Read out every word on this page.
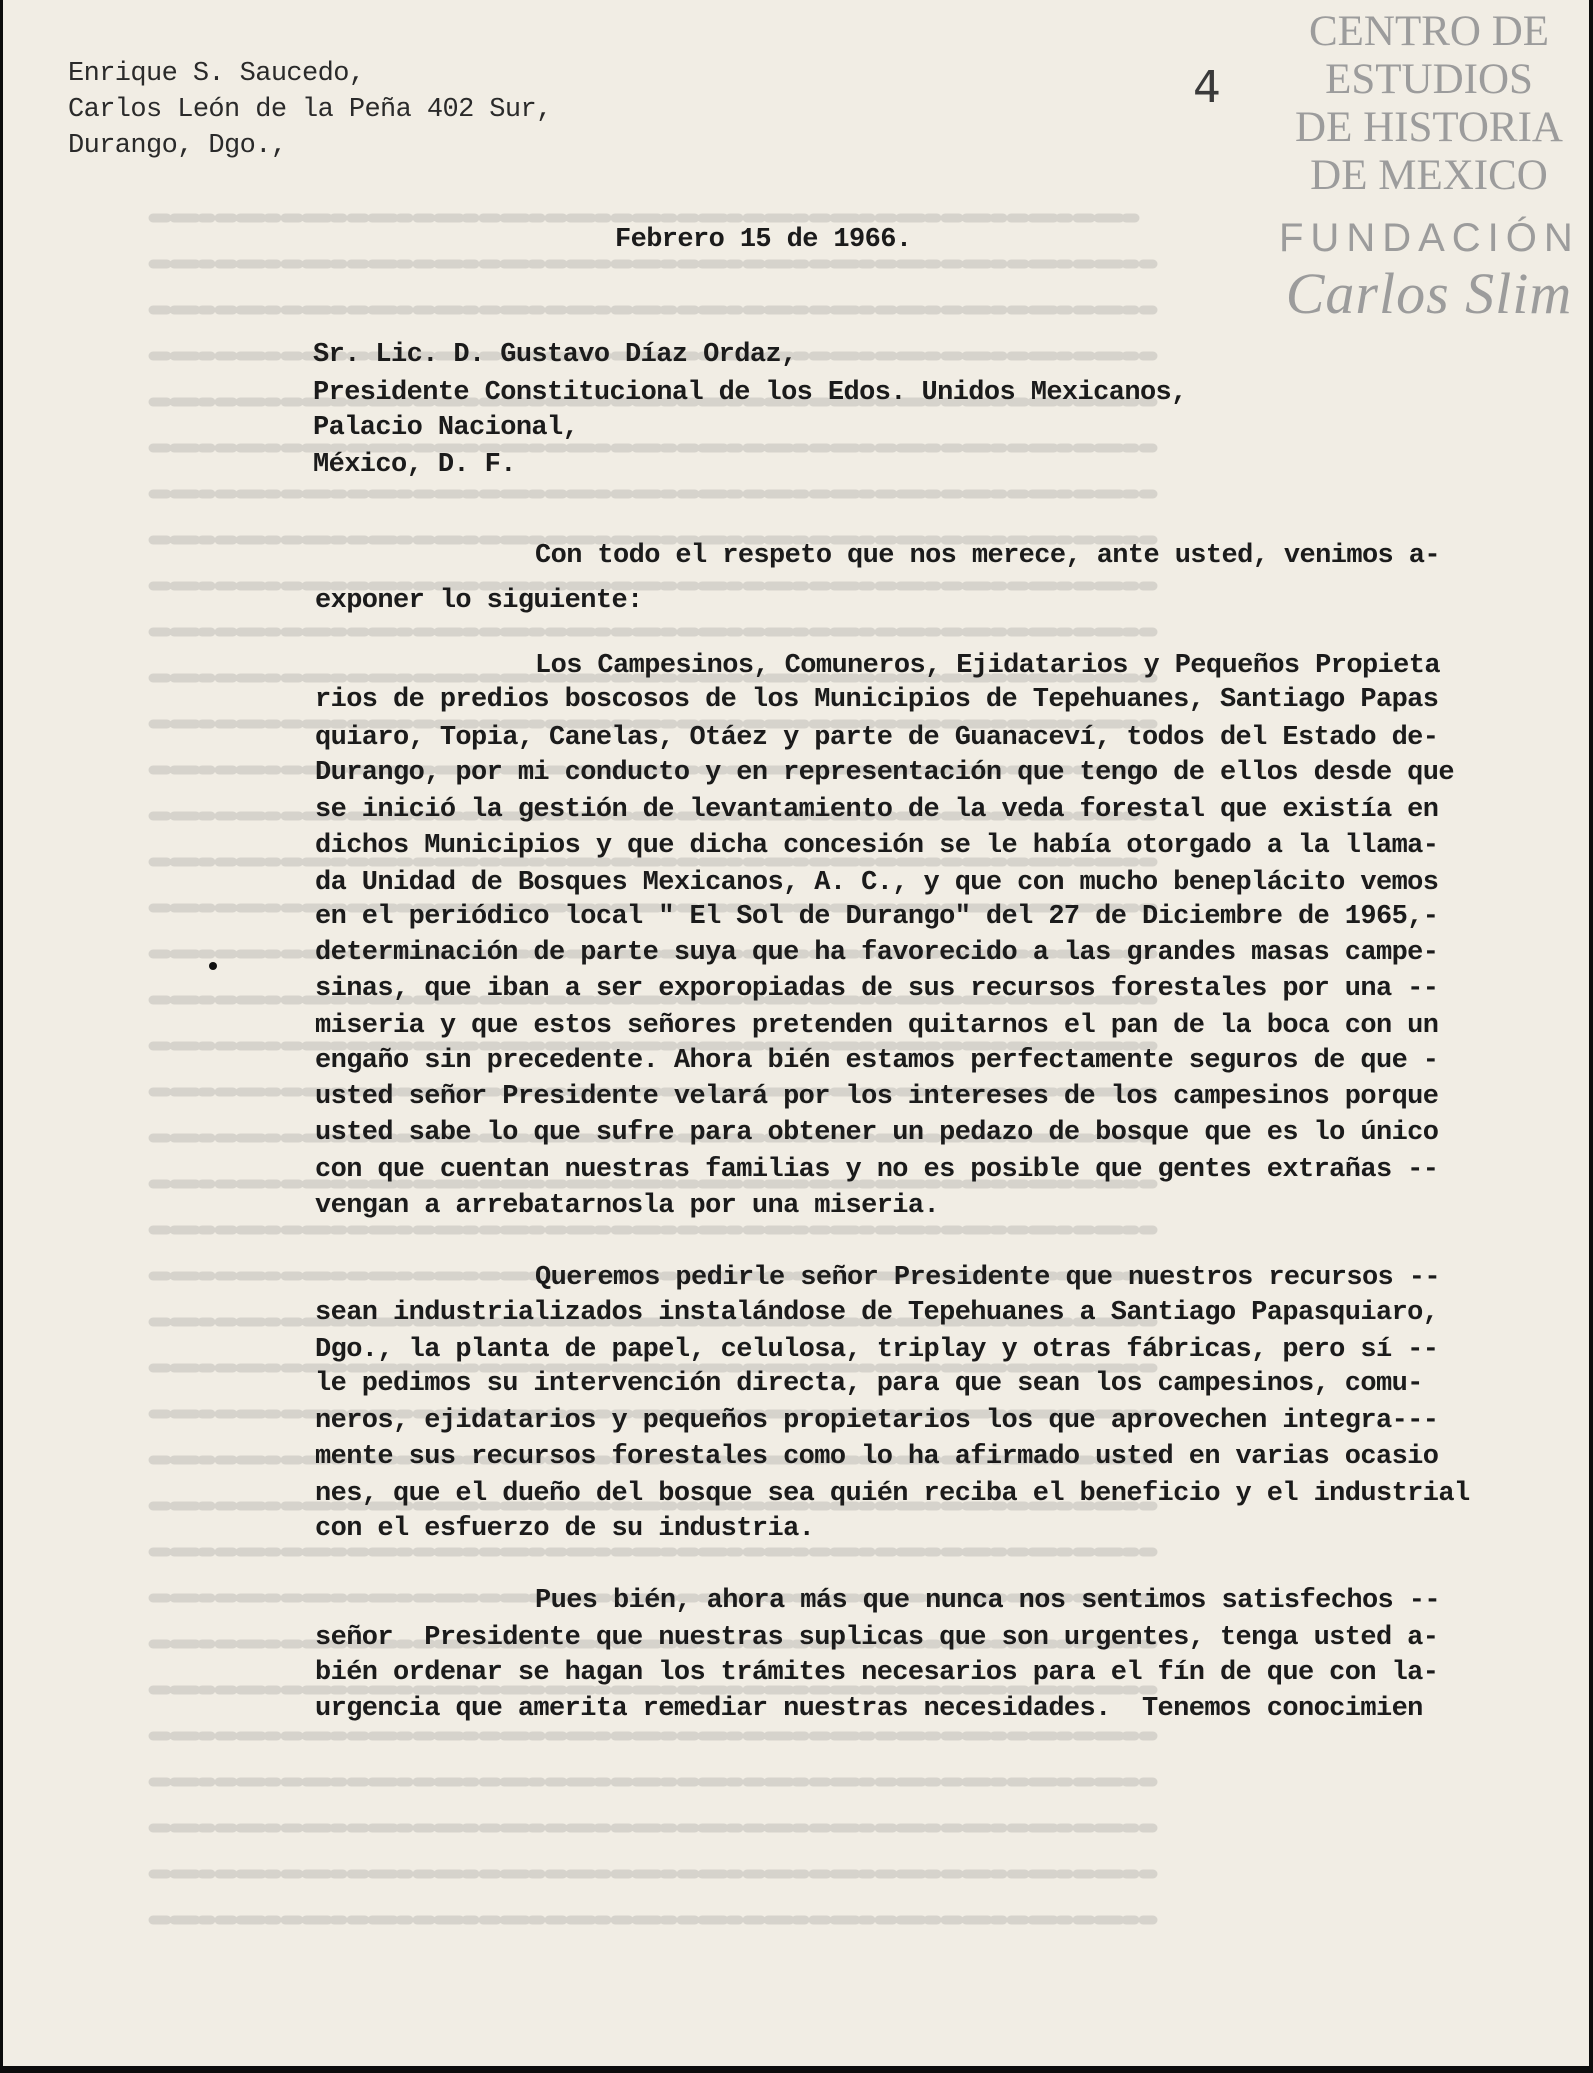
CENTRO DE
ESTUDIOS
DE HISTORIA
DE MEXICO
FUNDACIÓN
Carlos Slim
4

Enrique S. Saucedo,

Carlos León de la Peña 402 Sur,

Durango, Dgo.,

Febrero 15 de 1966.

Sr. Lic. D. Gustavo Díaz Ordaz,

Presidente Constitucional de los Edos. Unidos Mexicanos,

Palacio Nacional,

México, D. F.

Con todo el respeto que nos merece, ante usted, venimos a-

exponer lo siguiente:

Los Campesinos, Comuneros, Ejidatarios y Pequeños Propieta

rios de predios boscosos de los Municipios de Tepehuanes, Santiago Papas

quiaro, Topia, Canelas, Otáez y parte de Guanaceví, todos del Estado de-

Durango, por mi conducto y en representación que tengo de ellos desde que

se inició la gestión de levantamiento de la veda forestal que existía en

dichos Municipios y que dicha concesión se le había otorgado a la llama-

da Unidad de Bosques Mexicanos, A. C., y que con mucho beneplácito vemos

en el periódico local " El Sol de Durango" del 27 de Diciembre de 1965,-

determinación de parte suya que ha favorecido a las grandes masas campe-

sinas, que iban a ser exporopiadas de sus recursos forestales por una --

miseria y que estos señores pretenden quitarnos el pan de la boca con un

engaño sin precedente. Ahora bién estamos perfectamente seguros de que -

usted señor Presidente velará por los intereses de los campesinos porque

usted sabe lo que sufre para obtener un pedazo de bosque que es lo único

con que cuentan nuestras familias y no es posible que gentes extrañas --

vengan a arrebatarnosla por una miseria.

Queremos pedirle señor Presidente que nuestros recursos --

sean industrializados instalándose de Tepehuanes a Santiago Papasquiaro,

Dgo., la planta de papel, celulosa, triplay y otras fábricas, pero sí --

le pedimos su intervención directa, para que sean los campesinos, comu-

neros, ejidatarios y pequeños propietarios los que aprovechen integra---

mente sus recursos forestales como lo ha afirmado usted en varias ocasio

nes, que el dueño del bosque sea quién reciba el beneficio y el industrial

con el esfuerzo de su industria.

Pues bién, ahora más que nunca nos sentimos satisfechos --

señor  Presidente que nuestras suplicas que son urgentes, tenga usted a-

bién ordenar se hagan los trámites necesarios para el fín de que con la-

urgencia que amerita remediar nuestras necesidades.  Tenemos conocimien
